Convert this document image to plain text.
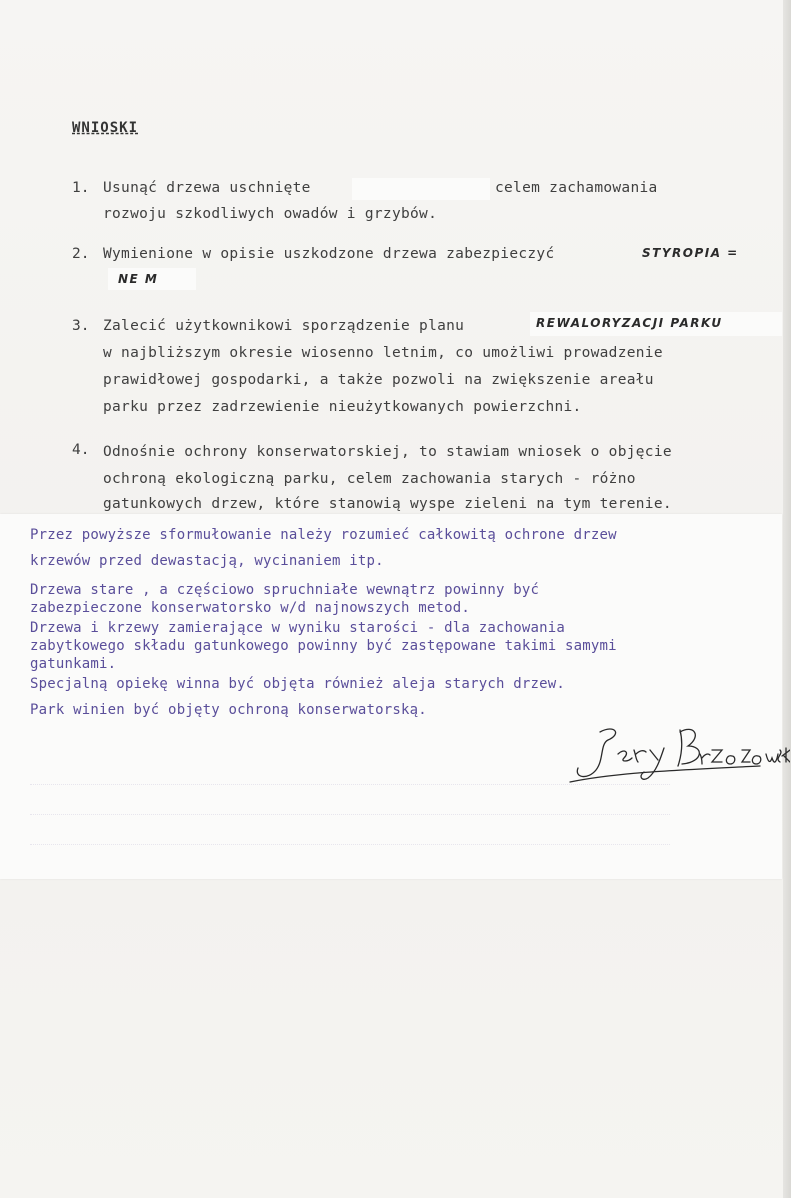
WNIOSKI
1. Usunąć drzewa uschnięte	celem zachamowania
rozwoju szkodliwych owadów i grzybów.
2. Wymienione w opisie uszkodzone drzewa zabezpieczyć	STYROPIA =
NE M
3. Zalecić użytkownikowi sporządzenie planu	REWALORYZACJI PARKU
w najbliższym okresie wiosenno letnim, co umożliwi prowadzenie
prawidłowej gospodarki, a także pozwoli na zwiększenie areału
parku przez zadrzewienie nieużytkowanych powierzchni.
4. Odnośnie ochrony konserwatorskiej, to stawiam wniosek o objęcie
ochroną ekologiczną parku, celem zachowania starych - różno
gatunkowych drzew, które stanowią wyspe zieleni na tym terenie.
Przez powyższe sformułowanie należy rozumieć całkowitą ochrone drzew
krzewów przed dewastacją, wycinaniem itp.
Drzewa stare , a częściowo spruchniałe wewnątrz powinny być
zabezpieczone konserwatorsko w/d najnowszych metod.
Drzewa i krzewy zamierające w wyniku starości - dla zachowania
zabytkowego składu gatunkowego powinny być zastępowane takimi samymi
gatunkami.
Specjalną opiekę winna być objęta również aleja starych drzew.
Park winien być objęty ochroną konserwatorską.
